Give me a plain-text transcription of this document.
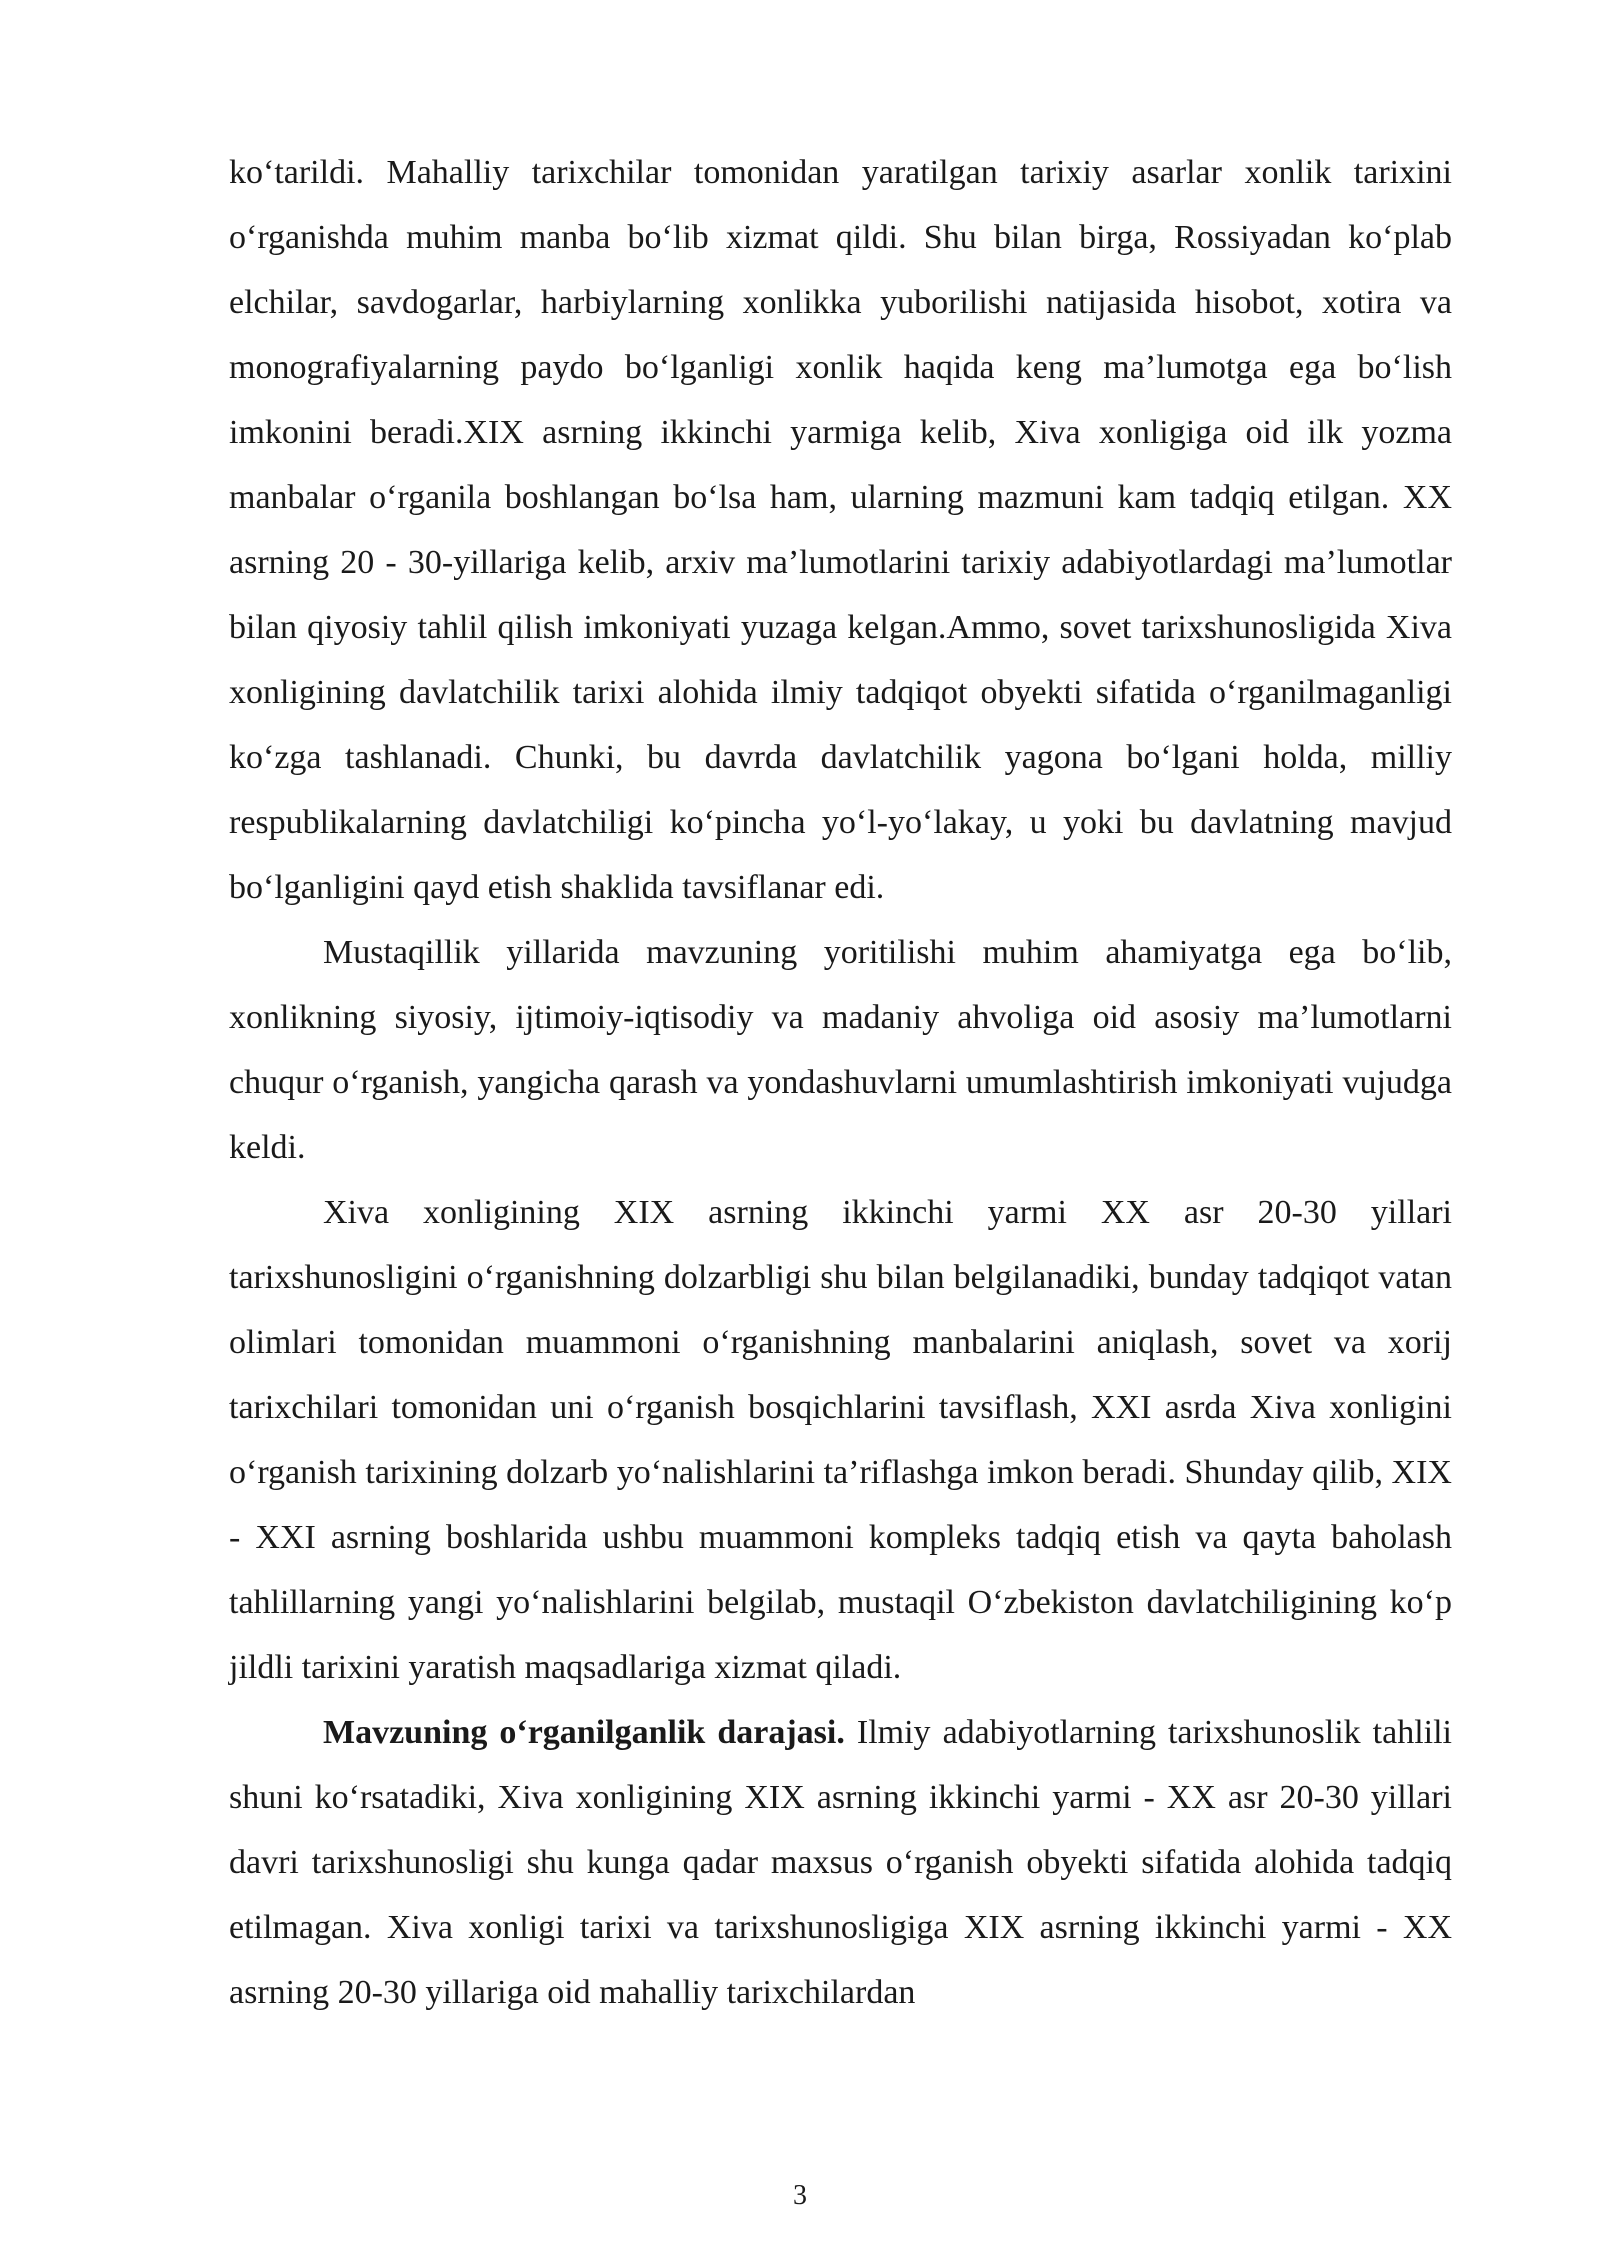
ko‘tarildi. Mahalliy tarixchilar tomonidan yaratilgan tarixiy asarlar xonlik tarixini o‘rganishda muhim manba bo‘lib xizmat qildi. Shu bilan birga, Rossiyadan ko‘plab elchilar, savdogarlar, harbiylarning xonlikka yuborilishi natijasida hisobot, xotira va monografiyalarning paydo bo‘lganligi xonlik haqida keng ma’lumotga ega bo‘lish imkonini beradi.XIX asrning ikkinchi yarmiga kelib, Xiva xonligiga oid ilk yozma manbalar o‘rganila boshlangan bo‘lsa ham, ularning mazmuni kam tadqiq etilgan. XX asrning 20 - 30-yillariga kelib, arxiv ma’lumotlarini tarixiy adabiyotlardagi ma’lumotlar bilan qiyosiy tahlil qilish imkoniyati yuzaga kelgan.Ammo, sovet tarixshunosligida Xiva xonligining davlatchilik tarixi alohida ilmiy tadqiqot obyekti sifatida o‘rganilmaganligi ko‘zga tashlanadi. Chunki, bu davrda davlatchilik yagona bo‘lgani holda, milliy respublikalarning davlatchiligi ko‘pincha yo‘l-yo‘lakay, u yoki bu davlatning mavjud bo‘lganligini qayd etish shaklida tavsiflanar edi.

Mustaqillik yillarida mavzuning yoritilishi muhim ahamiyatga ega bo‘lib, xonlikning siyosiy, ijtimoiy-iqtisodiy va madaniy ahvoliga oid asosiy ma’lumotlarni chuqur o‘rganish, yangicha qarash va yondashuvlarni umumlashtirish imkoniyati vujudga keldi.

Xiva xonligining XIX asrning ikkinchi yarmi XX asr 20-30 yillari tarixshunosligini o‘rganishning dolzarbligi shu bilan belgilanadiki, bunday tadqiqot vatan olimlari tomonidan muammoni o‘rganishning manbalarini aniqlash, sovet va xorij tarixchilari tomonidan uni o‘rganish bosqichlarini tavsiflash, XXI asrda Xiva xonligini o‘rganish tarixining dolzarb yo‘nalishlarini ta’riflashga imkon beradi. Shunday qilib, XIX - XXI asrning boshlarida ushbu muammoni kompleks tadqiq etish va qayta baholash tahlillarning yangi yo‘nalishlarini belgilab, mustaqil O‘zbekiston davlatchiligining ko‘p jildli tarixini yaratish maqsadlariga xizmat qiladi.

Mavzuning o‘rganilganlik darajasi. Ilmiy adabiyotlarning tarixshunoslik tahlili shuni ko‘rsatadiki, Xiva xonligining XIX asrning ikkinchi yarmi - XX asr 20-30 yillari davri tarixshunosligi shu kunga qadar maxsus o‘rganish obyekti sifatida alohida tadqiq etilmagan. Xiva xonligi tarixi va tarixshunosligiga XIX asrning ikkinchi yarmi - XX asrning 20-30 yillariga oid mahalliy tarixchilardan

3
